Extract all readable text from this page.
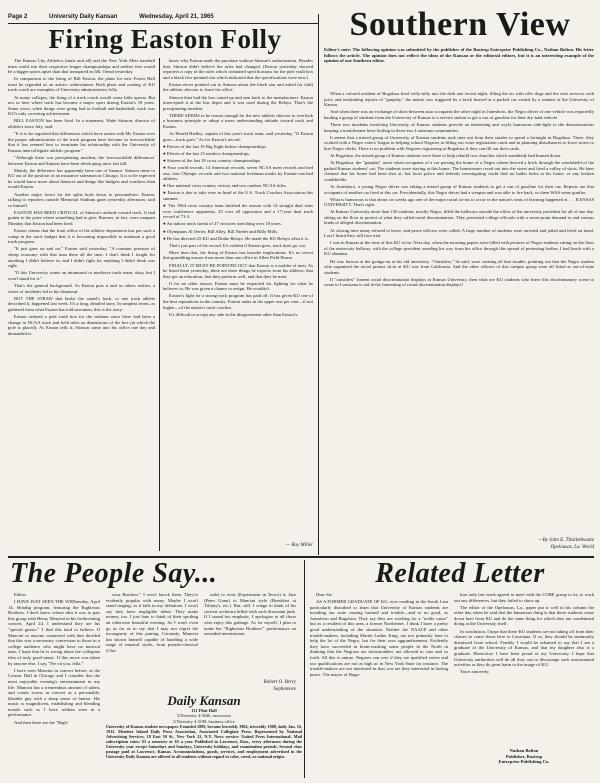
Page 2	University Daily Kansan	Wednesday, April 21, 1965
Firing Easton Folly

The Kansas City Athletics (mule and all) and the New York Mets baseball team could win their respective league championships and neither feat would be a bigger sports upset than that transpired on Mt. Oread yesterday.

In comparison to the firing of Bill Easton, the plans for new Foster Hall must be regarded as an artistic achievement. Both plans and ousting of KU track coach are examples of University administrative folly.

At many colleges, the firing of a track coach would cause little uproar. But not so here where track has become a major sport during Easton's 18 years. Some years, when things were going bad in football and basketball, track was KU's only crowning achievement.

BILL EASTON has been fired. In a statement, Wade Stinson, director of athletics since July, said:

"It is to be regretted that differences which have arisen with Mr. Easton over the proper administration of the track program have become so irreconcilable that it has seemed best to terminate his relationship with the University of Kansas intercollegiate athletic program."

"Although there was precipitating incident, the 'irreconcilable differences' between Easton and Stinson have been developing since last fall.

Mainly, the difference has apparently been one of finance. Stinson came to KU out of the position of an insurance salesman in Chicago. It is to be expected he would know more about finances and things like budgets and vouchers than would Easton.

Another major factor for the splits boils down to personalities. Easton, talking to reporters outside Memorial Stadium gates yesterday afternoon, said so himself.

EASTON HAS BEEN CRITICAL of Stinson's attitude toward track. It had gotten to the point where something had to give. Rumors, in fact, were rampant Monday that Easton had been fired.

Easton claims that the front office of the athletic department has put such a crimp in the track budget that it is becoming impossible to maintain a good track program.

"It just goes on and on," Easton said yesterday. "A constant pressure of cheap economy with that man there all the time. I don't think I fought for anything I didn't believe in, and I didn't fight for anything I didn't think was right.

"If this University wants an intramural or mediocre track team, okay, but I won't stand for it."

That's the general background. As Easton puts it and as others realize, a series of incidents led to his dismissal.

BUT THE STRAW that broke the camel's back, or one track athlete described it, happened last week. It's a long, detailed story. In simplest terms, as gathered from what Easton has told newsmen, this is the story:

Easton ordered a pole vault box for the stadium since there had been a change in NCAA track and field rules on dimensions of the box (in which the pole is placed). As Easton tells it, Stinson came into his office one day and demanded to

know why Easton made the purchase without Stinson's authorization. Besides that, Stinson didn't believe the rules had changed. (Easton yesterday showed reporters a copy of the rules which contained specifications for the pole vault box and a black five-pointed star which indicated that the specifications were new.)

Easton never pointed out to Stinson about the black star and asked (or told) the athletic director to leave his office.

Stinson then had the box crated up and sent back to the manufacturer. Easton intercepted it at the bus depot and it was used during the Relays. That's the precipitating incident.

THERE SEEMS to be reason enough for the new athletic director to overlook a business principle or adopt a more understanding attitude toward track and Easton.

As Herald Hadley, captain of this year's track team, said yesterday, "If Easton goes—track goes." As for Easton's record:

● Eleven of the last 16 Big Eight Indoor championships.

● Eleven of the last 13 outdoor championships.

● Sixteen of the last 18 cross country championships.

● Four world records, 14 American records, seven NCAA meet records and tied one, four Olympic records and two national freshman marks by Easton-coached athletes.

● One national cross country victory and two outdoor NCAA titles.

● Easton is due to take over as head of the U.S. Track Coaches Association this summer.

● The 1964 cross country team finished the season with 14 straight dual wins over conference opponents, 25 over all opposition and a 17-year dual track record of 71-3.

● An indoor track streak of 27 victories stretching over 18 years.

● Olympians Al Oerter, Bill Alley, Bill Nieder and Billy Mills.

● He has directed 25 KU and Drake Relays. He made the KU Relays what it is.

That's just part of the record. It's evident if Easton goes, track does go, too.

More than that, the firing of Easton has broader implications. It's no secret that grumbling ensues from more than one office in Allen Field House.

FINALLY, IT MUST BE POINTED OUT that Easton is a molder of men. As he listed them yesterday, these are three things he expects from his athletes: that they get an education, that they perform well, and that they be men.

If for no other reason, Easton must be respected for fighting for what he believes in. He was given a chance to resign. He wouldn't.

Easton's fight for a strong track program has paid off. It has given KU one of the best reputations in the country. Easton ranks in the upper one per cent—if not higher—of the nation's track coaches.

It's difficult to accept any side in the disagreement other than Easton's.

— Roy Miller
Southern View
Editor's note: The following opinion was submitted by the publisher of the Bastrop Enterprise Publishing Co., Nathan Bolton. His letter follows the article. The opinion does not reflect the ideas of the Kansan or the editorial editors, but it is an interesting example of the opinion of one Southern editor.

When a colored resident of Bogalusa fired willy-nilly into the dark one recent night, filling the air with rifle slugs and the wire services with juicy and misleading reports of "gunplay," the matter was triggered by a brick heaved at a parked car owned by a student of the University of Kansas.

And when there was an exchange of shots between auto occupants the other night in Jonesboro, the Negro driver of one vehicle was reportedly hauling a group of students from the University of Kansas to a service station to get a can of gasoline for their dry-tank vehicle.

These two incidents involving University of Kansas students provide an interesting and wryly humorous side-light to the demonstrations keeping a troublesome brew boiling in those two Louisiana communities.

It seems that a mixed group of University of Kansas students took time out from their studies to spend a fortnight in Bogalusa. There, they worked with a Negro voters' league in helping school Negroes in filling out voter registration cards and in planning disturbances to force stores to hire Negro clerks. There is no problem with Negroes registering at Bogalusa if they can fill out their cards.

At Bogalusa, the mixed group of Kansas students were there to help rebuild two churches which somebody had burned down.

At Bogalusa, the "gunplay" arose when occupants of a car passing the home of a Negro citizen heaved a brick through the windshield of the parked Kansas students' car. The students were staying at this home. The homeowner raced out into the street and fired a volley of shots. He later claimed that his home had been shot at, but local police and federals investigating could find no bullet holes at his home, or any broken windshields.

At Jonesboro, a young Negro driver was taking a mixed group of Kansas students to get a can of gasoline for their car. Reports are that occupants of another car fired at this car. Providentially, this Negro driver had a weapon and was able to fire back, so there WAS some gunfire.

What is humorous is that about six weeks ago one of the major racial sit-ins to occur in the nation's seats of learning happened at . . . KANSAS UNIVERSITY. That's right.

At Kansas University more than 150 students, mostly Negro, filled the hallways outside the office of the university president for all of one day, sitting on the floor in protest of what they called racial discrimination. They presented college officials with a seven-point demand to end various kinds of alleged discrimination.

At closing time many refused to leave, and peace officers were called. A large number of students were arrested and jailed and freed on bond. Last I heard they still face trial.

I was in Kansas at the time of this KU sit-in. Next day, when the morning papers were filled with pictures of Negro students sitting on the floor of the university hallway, with the college president wending his way from his office through this spread of protesting bodies, I had lunch with a KU alumnus.

He was furious at the goings-on at his old university. "Outsiders," he said, were creating all that trouble, pointing out that the Negro student who organized the racial protest sit-in at KU was from California. And the other officers of this campus group were all listed as out-of-state students.

If "outsiders" foment racial discrimination displays at Kansas University, then what are KU students who leave this discriminatory scene to come to Louisiana to aid in the fomenting of racial discrimination displays?

—By John E. Thistlethwaite
Opelousas, La. World
The People Say...

Editor:

I HAVE JUST SEEN THE WEDnesday, April 14, Shindig program, featuring the Righteous Brothers. I don't know whose idea it was to pair this group with Henry Mancini in his forthcoming concert, April 24. I understand they are his "special guests." I find this hard to believe. If Mancini or anyone connected with him decided that this was a necessary concession to those in a college audience who might have no musical taste, I hope that he is wrong about the collegiate idea of truly good music. If this move was taken by anyone else, I say, "Fie on you, fella."

I have seen Mancini in concert before, at the Cosmic Hall in Chicago and I consider this the most enjoyable evening's entertainment in my life. Mancini has a tremendous amount of talent, and comes across in concert as a personable, likeable guy with a sharp sense of humor. His music is magnificent, establishing and blending moods such as I have seldom seen in a performance.

And then there are the "Righ-

cous Brothers." I won't knock them. They're evidently popular with many. Maybe I won't stand singing, as it falls in my definition. I won't say they have negligible talent. They make money, too. I just hate to think of their spoiling an otherwise beautiful evening. So I won't even go as far as to say that I may not regret the incongruity of this pairing. Certainly, Mancini has shown himself capable of handling a wide range of musical styles, from pseudo-classical (Cha-

rade) to twist (Experiment in Terror) to Jazz (Peter Gunn) to Mancini style (Breakfast at Tiffany's, etc.). But, still, I cringe to think of his concert orchestra billed with such dissonant junk. If I sound too emphatic, I apologize to all those who enjoy this garbage. As for myself, I plan to make the "Righteous Brothers'" performance an extended intermission.

Robert O. Berry
Sophomore
Daily Kansan
111 Flint Hall
UNiversity 4-3646, newsroom
UNiversity 4-3198, business office
University of Kansas student newspaper. Founded 1889, became biweekly 1904, triweekly 1908, daily Jan. 16, 1912. Member Inland Daily Press Association, Associated Collegiate Press. Represented by National Advertising Services, 18 East 50 St., New York 22, N.Y. News service: United Press International. Mail subscription rates: $3 a semester or $5 a year. Published in Lawrence, Kan., every afternoon during the University year except Saturdays and Sundays, University holidays, and examination periods. Second class postage paid at Lawrence, Kansas. Accommodations, goods, services, and employment advertised in the University Daily Kansan are offered to all students without regard to color, creed, or national origin.
Related Letter

Dear Sir:

AS A FORMER GRADUATE OF KU, now residing in the South I am particularly disturbed to learn that University of Kansas students are invading our state causing turmoil and trouble—and to no good, as Jonesboro and Bogalusa. They say they are working for a "noble cause" but as a resident of this area, a former Northerner, I think I have a pretty good understanding of the situation. Neither the NAACP and other trouble-makers, including Martin Luther King, are not primarily here to help the lot of the Negro, but for their own aggrandizement. Evidently they have succeeded in brain-washing some people in the North in thinking that the Negroes are downtrodden, not allowed to vote and so forth. All this is untrue. Negroes can vote if they are qualified voters and our qualifications are not as high as in New York State for instance. The trouble-makers are not interested in that, nor are they interested in having peace. The mayor of Boga-

lusa only last week agreed to meet with the CORE group to try to work out any differences, but they failed to show up.

The editor of the Opelousas, La., paper put it well in his column the other day when he said that the humorous thing is that these students come down here from KU and do the same thing for which they are condemned doing at the University itself.

In conclusion, I hope that these KU students are not taking off from their classes to come down here to Louisiana. If so, they should be summarily dismissed from school. Frankly I would be ashamed to say that I am a graduate of the University of Kansas, and that my daughter also is a graduate. Heretofore I have been proud of my University. I hope that University authorities will do all they can to discourage such unwarranted activities as they do great harm to the image of KU.

Yours sincerely,

Nathan Bolton
Publisher, Bastrop
Enterprise Publishing Co.
